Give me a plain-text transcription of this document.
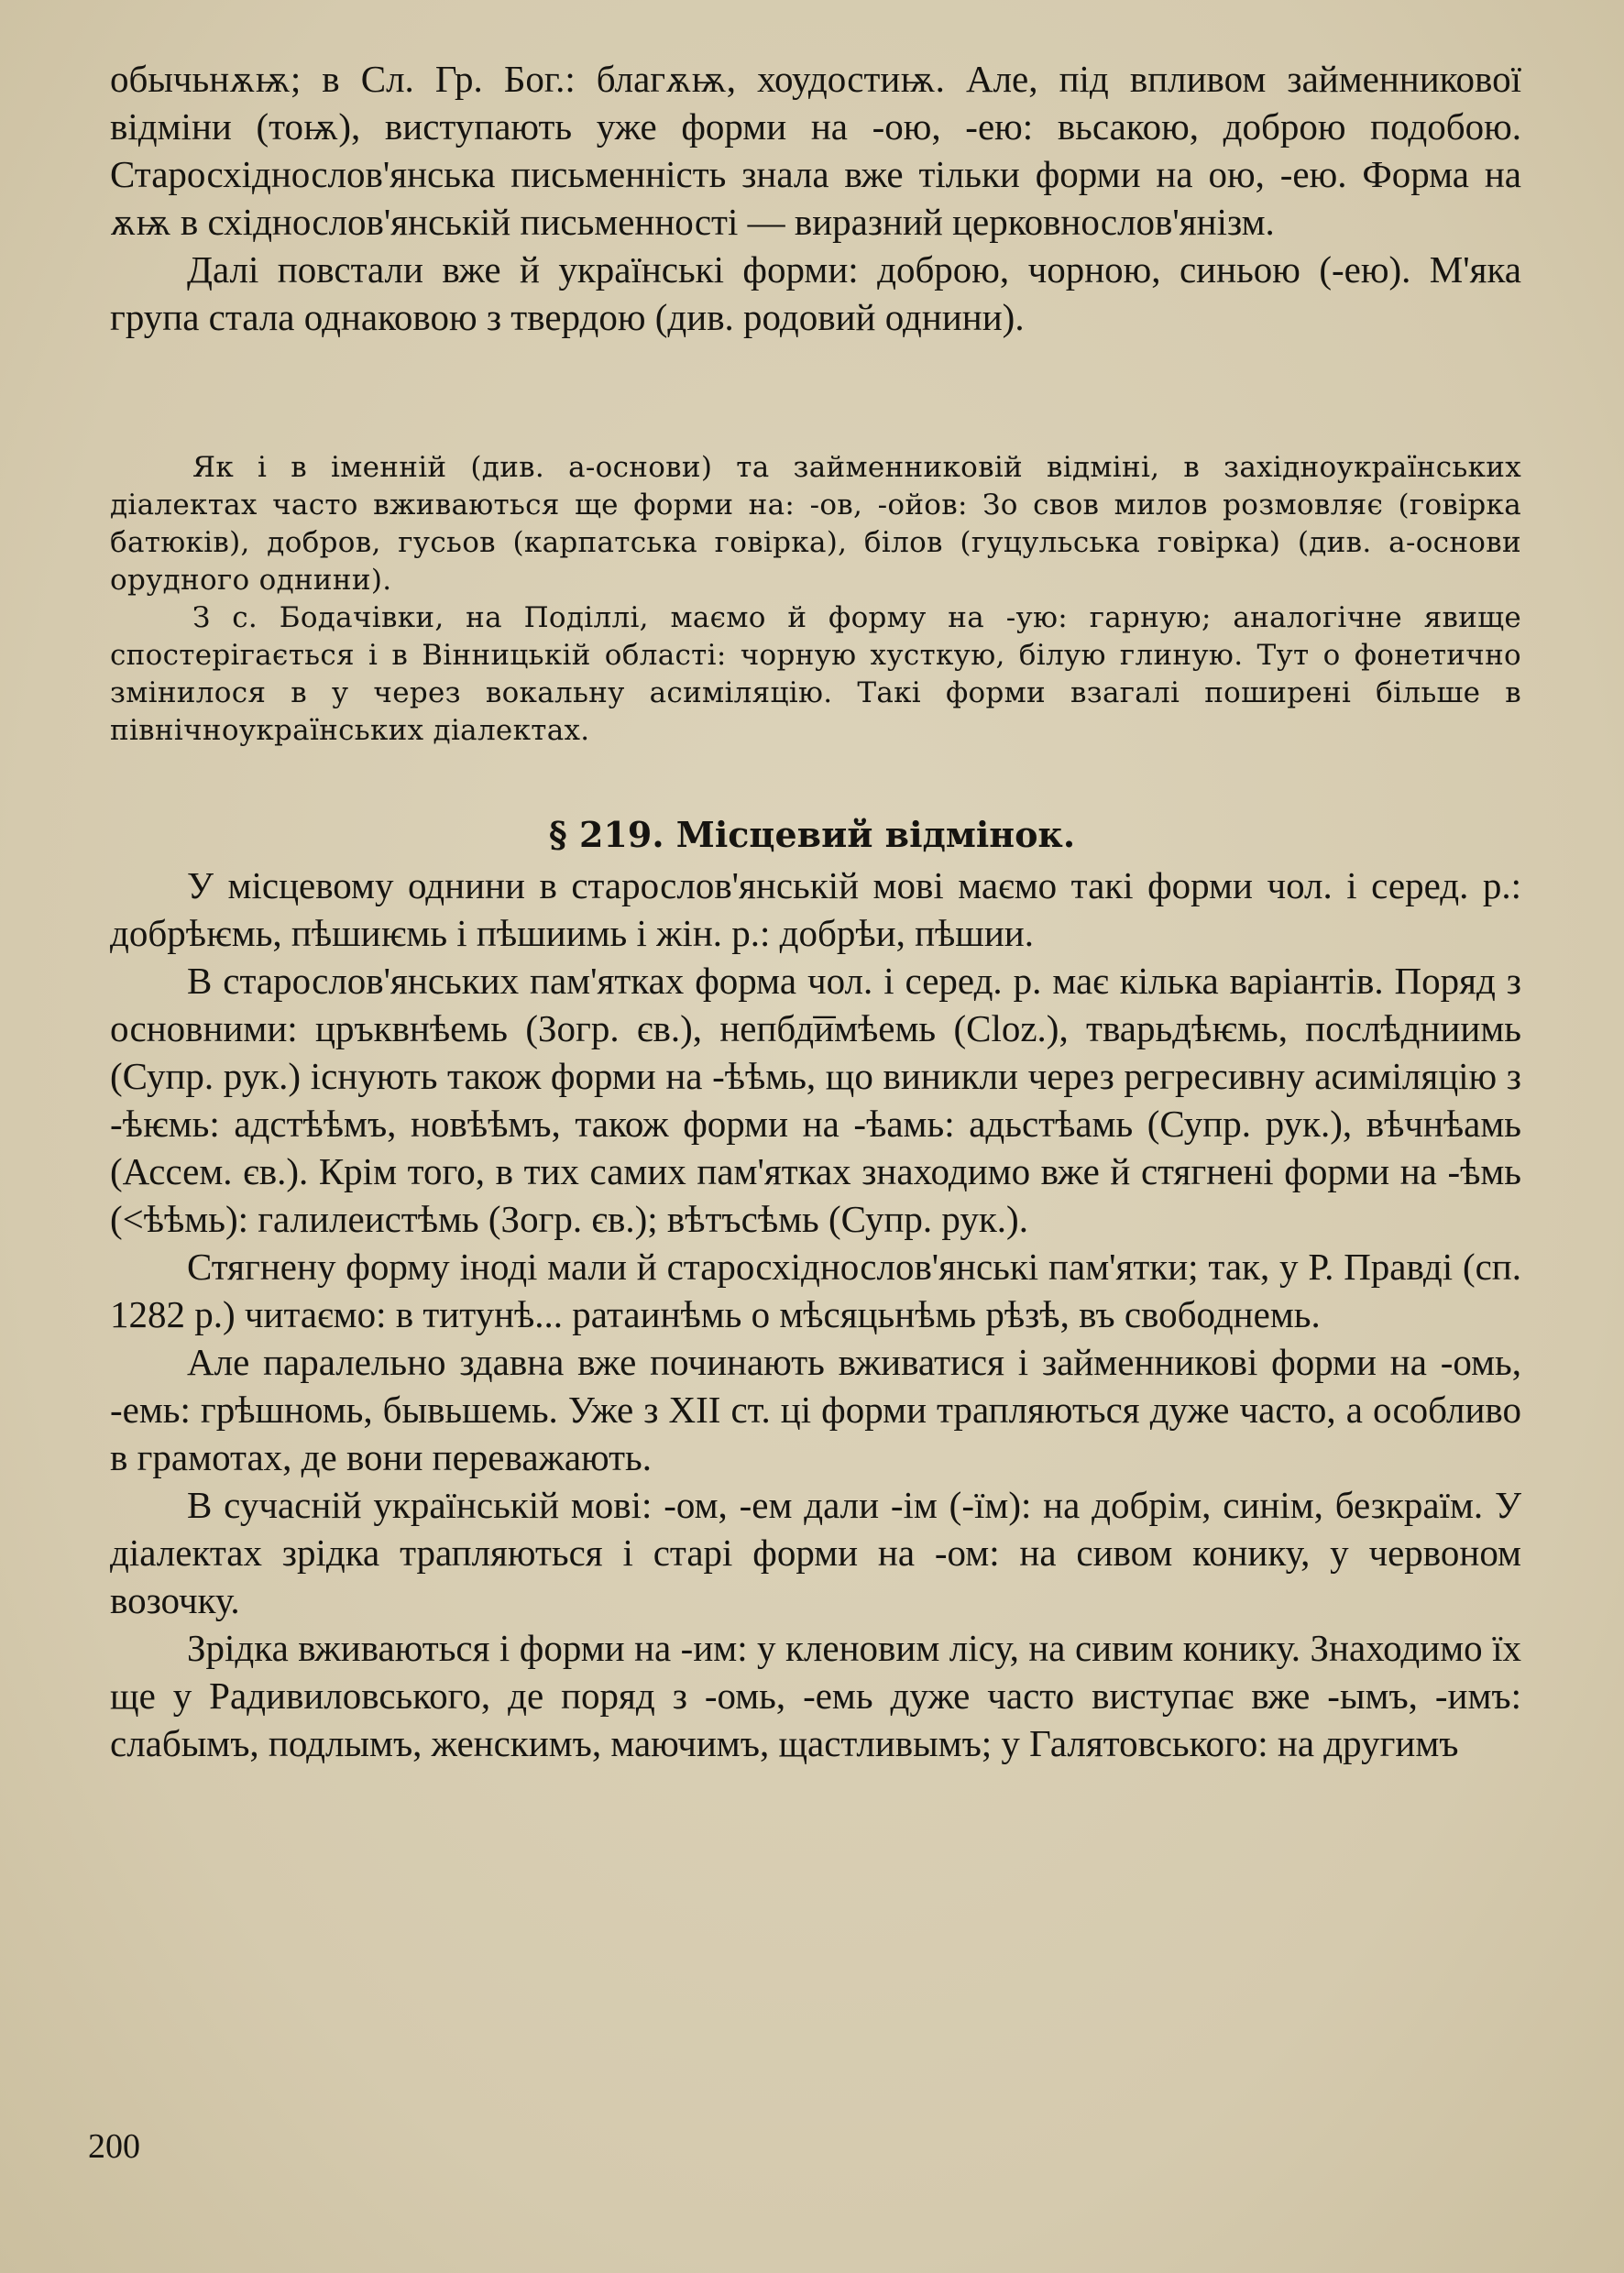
обычьнѫѭ; в Сл. Гр. Бог.: благѫѭ, хоудостиѭ. Але, під впливом займенникової відміни (тоѭ), виступають уже форми на -ою, -ею: вьсакою, доброю подобою. Старосхіднослов'янська письменність знала вже тільки форми на ою, -ею. Форма на ѫѭ в східнослов'янській письменності — виразний церковнослов'янізм.

Далі повстали вже й українські форми: доброю, чорною, синьою (-ею). М'яка група стала однаковою з твердою (див. родовий однини).

Як і в іменній (див. а-основи) та займенниковій відміні, в західноукраїнських діалектах часто вживаються ще форми на: -ов, -ойов: Зо свов милов розмовляє (говірка батюків), добров, гусьов (карпатська говірка), білов (гуцульська говірка) (див. а-основи орудного однини).

З с. Бодачівки, на Поділлі, маємо й форму на -ую: гарную; аналогічне явище спостерігається і в Вінницькій області: чорную хусткую, білую глиную. Тут о фонетично змінилося в у через вокальну асиміляцію. Такі форми взагалі поширені більше в північноукраїнських діалектах.

§ 219. Місцевий відмінок.

У місцевому однини в старослов'янській мові маємо такі форми чол. і серед. р.: добрѣѥмь, пѣшиѥмь і пѣшиимь і жін. р.: добрѣи, пѣшии.

В старослов'янських пам'ятках форма чол. і серед. р. має кілька варіантів. Поряд з основними: цръквнѣемь (Зогр. єв.), непбд͞имѣемь (Cloz.), тварьдѣѥмь, послѣдниимь (Супр. рук.) існують також форми на -ѣѣмь, що виникли через регресивну асиміляцію з -ѣѥмь: адстѣѣмъ, новѣѣмъ, також форми на -ѣамь: адьстѣамь (Супр. рук.), вѣчнѣамь (Ассем. єв.). Крім того, в тих самих пам'ятках знаходимо вже й стягнені форми на -ѣмь (<ѣѣмь): галилеистѣмь (Зогр. єв.); вѣтъсѣмь (Супр. рук.).

Стягнену форму іноді мали й старосхіднослов'янські пам'ятки; так, у Р. Правді (сп. 1282 р.) читаємо: в титунѣ... ратаинѣмь о мѣсяцьнѣмь рѣзѣ, въ свободнемь.

Але паралельно здавна вже починають вживатися і займенникові форми на -омь, -емь: грѣшномь, бывьшемь. Уже з XII ст. ці форми трапляються дуже часто, а особливо в грамотах, де вони переважають.

В сучасній українській мові: -ом, -ем дали -ім (-їм): на добрім, синім, безкраїм. У діалектах зрідка трапляються і старі форми на -ом: на сивом конику, у червоном возочку.

Зрідка вживаються і форми на -им: у кленовим лісу, на сивим конику. Знаходимо їх ще у Радивиловського, де поряд з -омь, -емь дуже часто виступає вже -ымъ, -имъ: слабымъ, подлымъ, женскимъ, маючимъ, щастливымъ; у Галятовського: на другимъ

200
